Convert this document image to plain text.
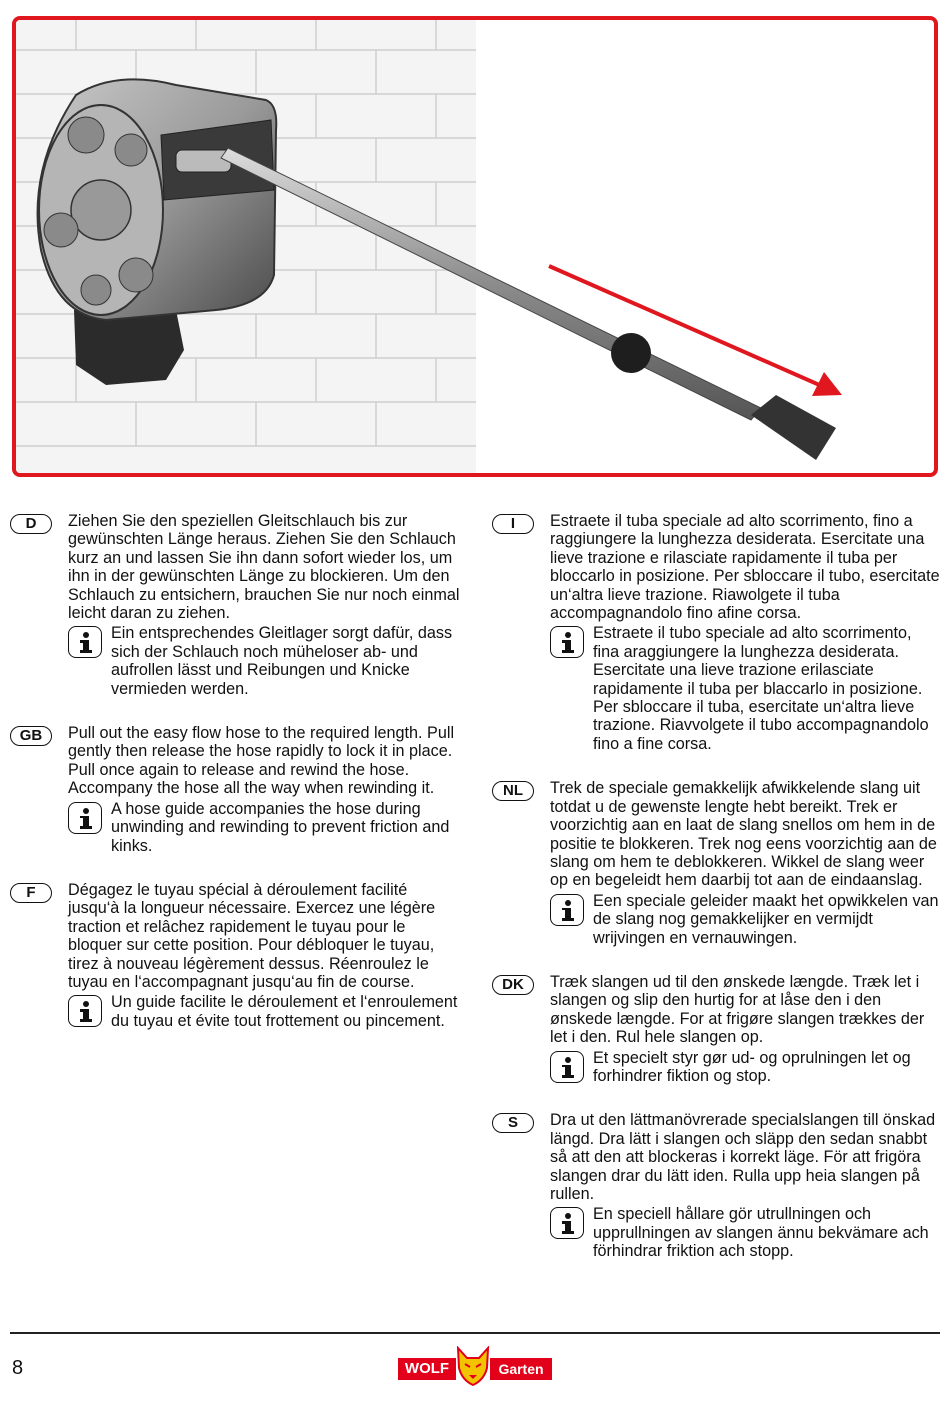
D	Ziehen Sie den speziellen Gleitschlauch bis zur gewünschten Länge heraus. Ziehen Sie den Schlauch kurz an und lassen Sie ihn dann sofort wieder los, um ihn in der gewünschten Länge zu blockieren. Um den Schlauch zu entsichern, brauchen Sie nur noch einmal leicht daran zu ziehen.

Ein entsprechendes Gleitlager sorgt dafür, dass sich der Schlauch noch müheloser ab- und aufrollen lässt und Reibungen und Knicke vermieden werden.

GB	Pull out the easy flow hose to the required length. Pull gently then release the hose rapidly to lock it in place. Pull once again to release and rewind the hose. Accompany the hose all the way when rewinding it.

A hose guide accompanies the hose during unwinding and rewinding to prevent friction and kinks.

F	Dégagez le tuyau spécial à déroulement facilité jusqu‘à la longueur nécessaire. Exercez une légère traction et relâchez rapidement le tuyau pour le bloquer sur cette position. Pour débloquer le tuyau, tirez à nouveau légèrement dessus. Réenroulez le tuyau en l‘accompagnant jusqu‘au fin de course.

Un guide facilite le déroulement et l‘enroulement du tuyau et évite tout frottement ou pincement.

I	Estraete il tuba speciale ad alto scorrimento, fino a raggiungere la lunghezza desiderata. Esercitate una lieve trazione e rilasciate rapidamente il tuba per bloccarlo in posizione. Per sbloccare il tubo, esercitate un‘altra lieve trazione. Riawolgete il tuba accompagnandolo fino afine corsa.

Estraete il tubo speciale ad alto scorrimento, fina araggiungere la lunghezza desiderata. Esercitate una lieve trazione erilasciate rapidamente il tuba per blaccarlo in posizione. Per sbloccare il tuba, esercitate un‘altra lieve trazione. Riavvolgete il tubo accompagnandolo fino a fine corsa.

NL	Trek de speciale gemakkelijk afwikkelende slang uit totdat u de gewenste lengte hebt bereikt. Trek er voorzichtig aan en laat de slang snellos om hem in de positie te blokkeren. Trek nog eens voorzichtig aan de slang om hem te deblokkeren. Wikkel de slang weer op en begeleidt hem daarbij tot aan de eindaanslag.

Een speciale geleider maakt het opwikkelen van de slang nog gemakkelijker en vermijdt wrijvingen en vernauwingen.

DK	Træk slangen ud til den ønskede længde. Træk let i slangen og slip den hurtig for at låse den i den ønskede længde. For at frigøre slangen trækkes der let i den. Rul hele slangen op.

Et specielt styr gør ud- og oprulningen let og forhindrer fiktion og stop.

S	Dra ut den lättmanövrerade specialslangen till önskad längd. Dra lätt i slangen och släpp den sedan snabbt så att den att blockeras i korrekt läge. För att frigöra slangen drar du lätt iden. Rulla upp heia slangen på rullen.

En speciell hållare gör utrullningen och upprullningen av slangen ännu bekvämare ach förhindrar friktion ach stopp.

8	WOLF	Garten
